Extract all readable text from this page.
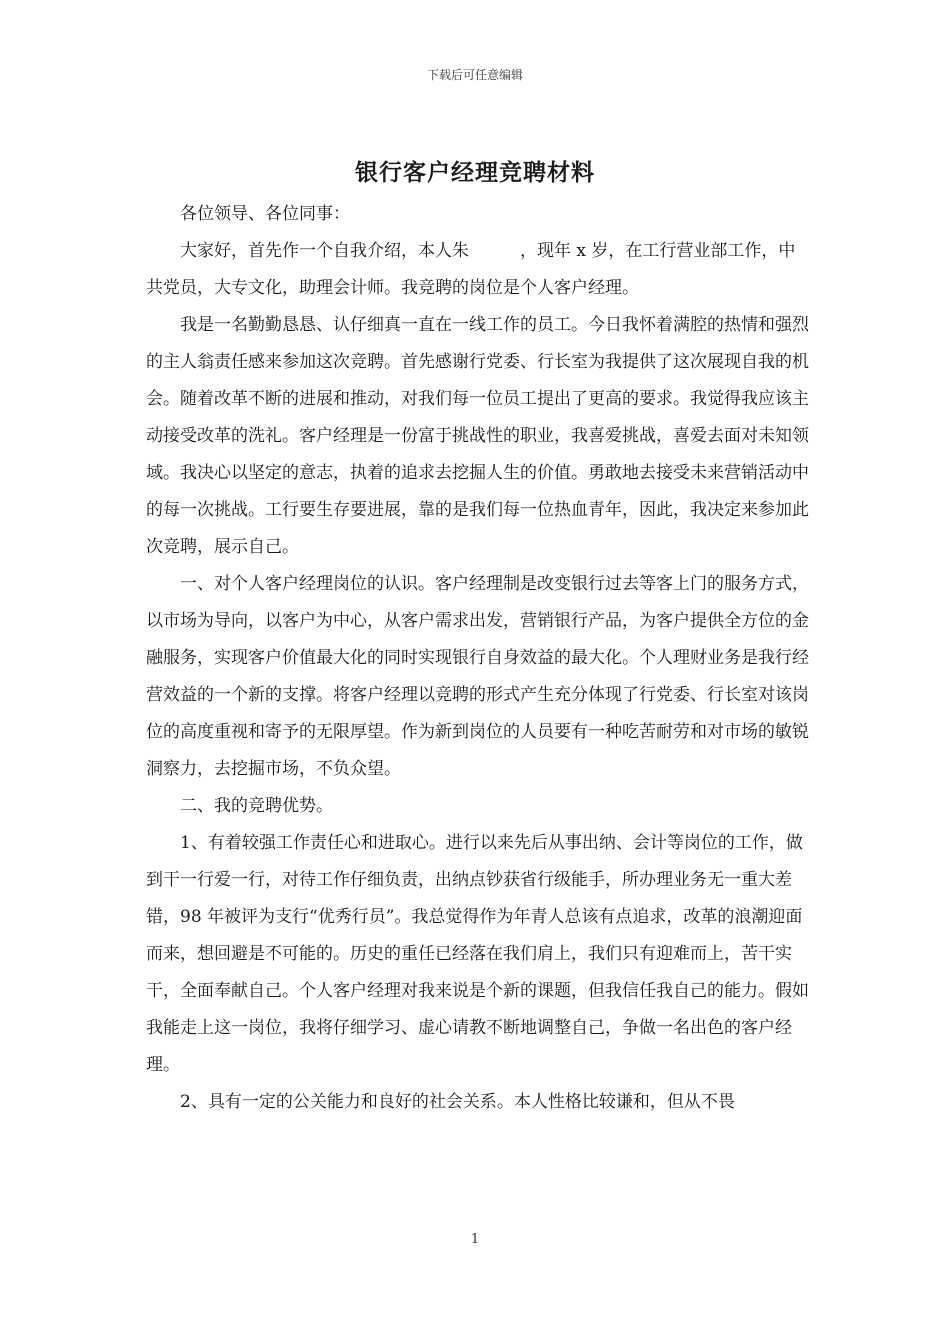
下载后可任意编辑
银行客户经理竞聘材料

各位领导、各位同事：

大家好，首先作一个自我介绍，本人朱　　　，现年 x 岁，在工行营业部工作，中共党员，大专文化，助理会计师。我竞聘的岗位是个人客户经理。

我是一名勤勤恳恳、认仔细真一直在一线工作的员工。今日我怀着满腔的热情和强烈的主人翁责任感来参加这次竞聘。首先感谢行党委、行长室为我提供了这次展现自我的机会。随着改革不断的进展和推动，对我们每一位员工提出了更高的要求。我觉得我应该主动接受改革的洗礼。客户经理是一份富于挑战性的职业，我喜爱挑战，喜爱去面对未知领域。我决心以坚定的意志，执着的追求去挖掘人生的价值。勇敢地去接受未来营销活动中的每一次挑战。工行要生存要进展，靠的是我们每一位热血青年，因此，我决定来参加此次竞聘，展示自己。

一、对个人客户经理岗位的认识。客户经理制是改变银行过去等客上门的服务方式，以市场为导向，以客户为中心，从客户需求出发，营销银行产品，为客户提供全方位的金融服务，实现客户价值最大化的同时实现银行自身效益的最大化。个人理财业务是我行经营效益的一个新的支撑。将客户经理以竞聘的形式产生充分体现了行党委、行长室对该岗位的高度重视和寄予的无限厚望。作为新到岗位的人员要有一种吃苦耐劳和对市场的敏锐洞察力，去挖掘市场，不负众望。

二、我的竞聘优势。

1、有着较强工作责任心和进取心。进行以来先后从事出纳、会计等岗位的工作，做到干一行爱一行，对待工作仔细负责，出纳点钞获省行级能手，所办理业务无一重大差错，98 年被评为支行“优秀行员”。我总觉得作为年青人总该有点追求，改革的浪潮迎面而来，想回避是不可能的。历史的重任已经落在我们肩上，我们只有迎难而上，苦干实干，全面奉献自己。个人客户经理对我来说是个新的课题，但我信任我自己的能力。假如我能走上这一岗位，我将仔细学习、虚心请教不断地调整自己，争做一名出色的客户经理。

2、具有一定的公关能力和良好的社会关系。本人性格比较谦和，但从不畏

1
